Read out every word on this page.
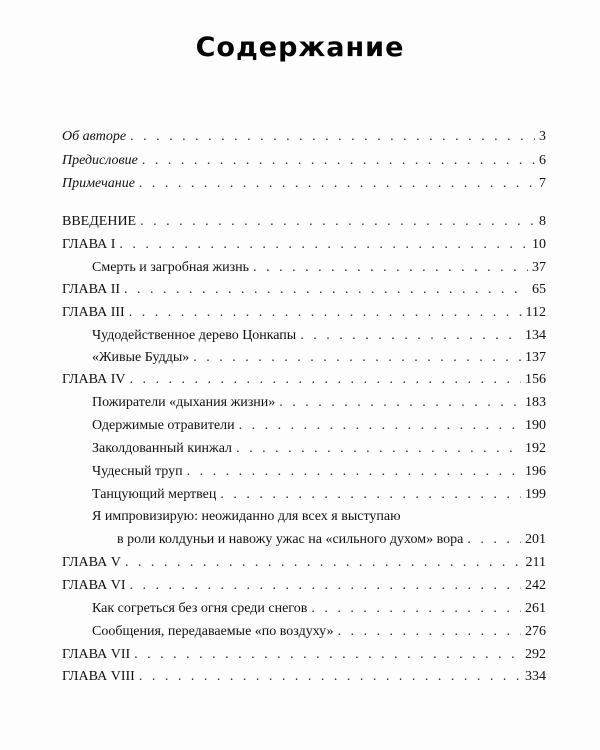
Содержание
Об авторе . . .	3
Предисловие . . .	6
Примечание . . .	7
ВВЕДЕНИЕ . . .	8
ГЛАВА I . . .	10
Смерть и загробная жизнь . . .	37
ГЛАВА II . . .	65
ГЛАВА III . . .	112
Чудодейственное дерево Цонкапы . . .	134
«Живые Будды» . . .	137
ГЛАВА IV . . .	156
Пожиратели «дыхания жизни» . . .	183
Одержимые отравители . . .	190
Заколдованный кинжал . . .	192
Чудесный труп . . .	196
Танцующий мертвец . . .	199
Я импровизирую: неожиданно для всех я выступаю
в роли колдуньи и навожу ужас на «сильного духом» вора . . .	201
ГЛАВА V . . .	211
ГЛАВА VI . . .	242
Как согреться без огня среди снегов . . .	261
Сообщения, передаваемые «по воздуху» . . .	276
ГЛАВА VII . . .	292
ГЛАВА VIII . . .	334
